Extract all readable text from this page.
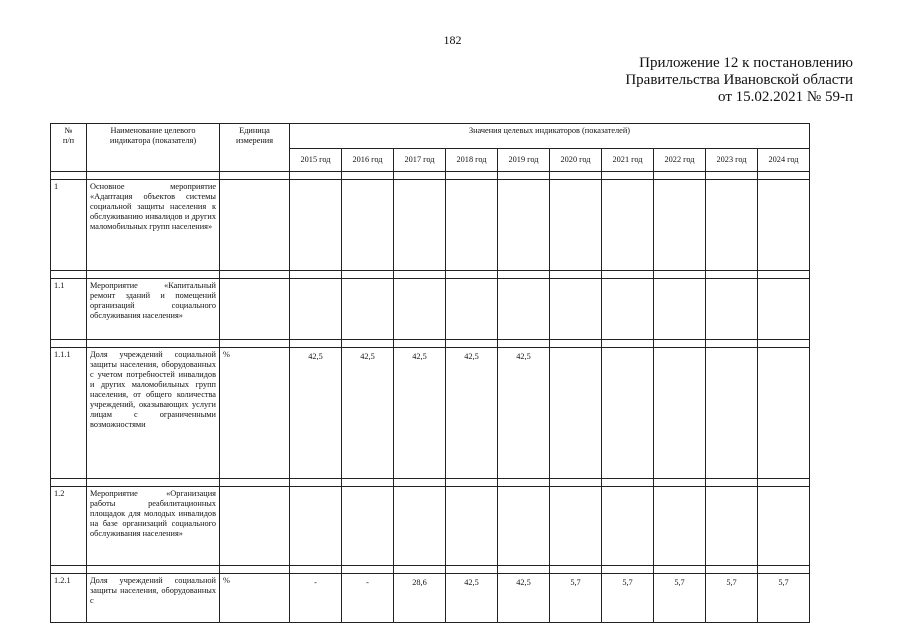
182
Приложение 12 к постановлению
Правительства Ивановской области
от 15.02.2021 № 59-п
№
п/п	Наименование целевого индикатора (показателя)	Единица измерения	Значения целевых индикаторов (показателей)									
			2015 год	2016 год	2017 год	2018 год	2019 год	2020 год	2021 год	2022 год	2023 год	2024 год

1	Основное мероприятие «Адаптация объектов системы социальной защиты населения к обслуживанию инвалидов и других маломобильных групп населения»											

1.1	Мероприятие «Капитальный ремонт зданий и помещений организаций социального обслуживания населения»											

1.1.1	Доля учреждений социальной защиты населения, оборудованных с учетом потребностей инвалидов и других маломобильных групп населения, от общего количества учреждений, оказывающих услуги лицам с ограниченными возможностями	%	42,5	42,5	42,5	42,5	42,5					

1.2	Мероприятие «Организация работы реабилитационных площадок для молодых инвалидов на базе организаций социального обслуживания населения»											

1.2.1	Доля учреждений социальной защиты населения, оборудованных с	%	-	-	28,6	42,5	42,5	5,7	5,7	5,7	5,7	5,7
